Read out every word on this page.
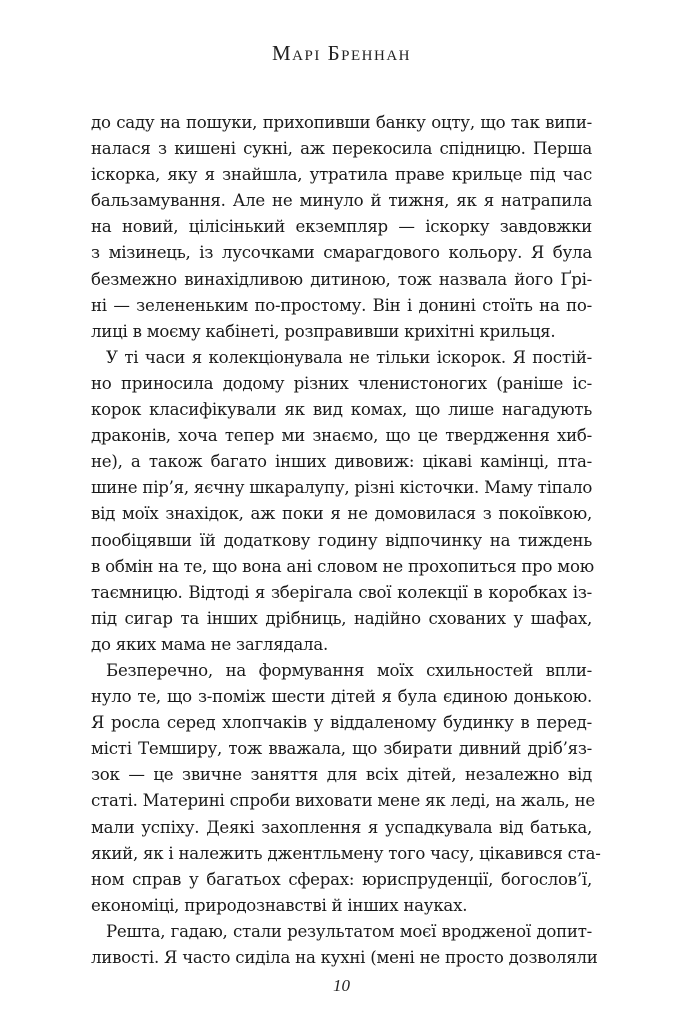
Марі Бреннан
до саду на пошуки, прихопивши банку оцту, що так випи-
налася з кишені сукні, аж перекосила спідницю. Перша
іскорка, яку я знайшла, утратила праве крильце під час
бальзамування. Але не минуло й тижня, як я натрапила
на новий, цілісінький екземпляр — іскорку завдовжки
з мізинець, із лусочками смарагдового кольору. Я була
безмежно винахідливою дитиною, тож назвала його Ґрі-
ні — зелененьким по-простому. Він і донині стоїть на по-
лиці в моєму кабінеті, розправивши крихітні крильця.
У ті часи я колекціонувала не тільки іскорок. Я постій-
но приносила додому різних членистоногих (раніше іс-
корок класифікували як вид комах, що лише нагадують
драконів, хоча тепер ми знаємо, що це твердження хиб-
не), а також багато інших дивовиж: цікаві камінці, пта-
шине пір’я, яєчну шкаралупу, різні кісточки. Маму тіпало
від моїх знахідок, аж поки я не домовилася з покоївкою,
пообіцявши їй додаткову годину відпочинку на тиждень
в обмін на те, що вона ані словом не прохопиться про мою
таємницю. Відтоді я зберігала свої колекції в коробках із-
під сигар та інших дрібниць, надійно схованих у шафах,
до яких мама не заглядала.
Безперечно, на формування моїх схильностей впли-
нуло те, що з-поміж шести дітей я була єдиною донькою.
Я росла серед хлопчаків у віддаленому будинку в перед-
місті Темширу, тож вважала, що збирати дивний дріб’яз-
зок — це звичне заняття для всіх дітей, незалежно від
статі. Материні спроби виховати мене як леді, на жаль, не
мали успіху. Деякі захоплення я успадкувала від батька,
який, як і належить джентльмену того часу, цікавився ста-
ном справ у багатьох сферах: юриспруденції, богослов’ї,
економіці, природознавстві й інших науках.
Решта, гадаю, стали результатом моєї вродженої допит-
ливості. Я часто сиділа на кухні (мені не просто дозволяли
10
